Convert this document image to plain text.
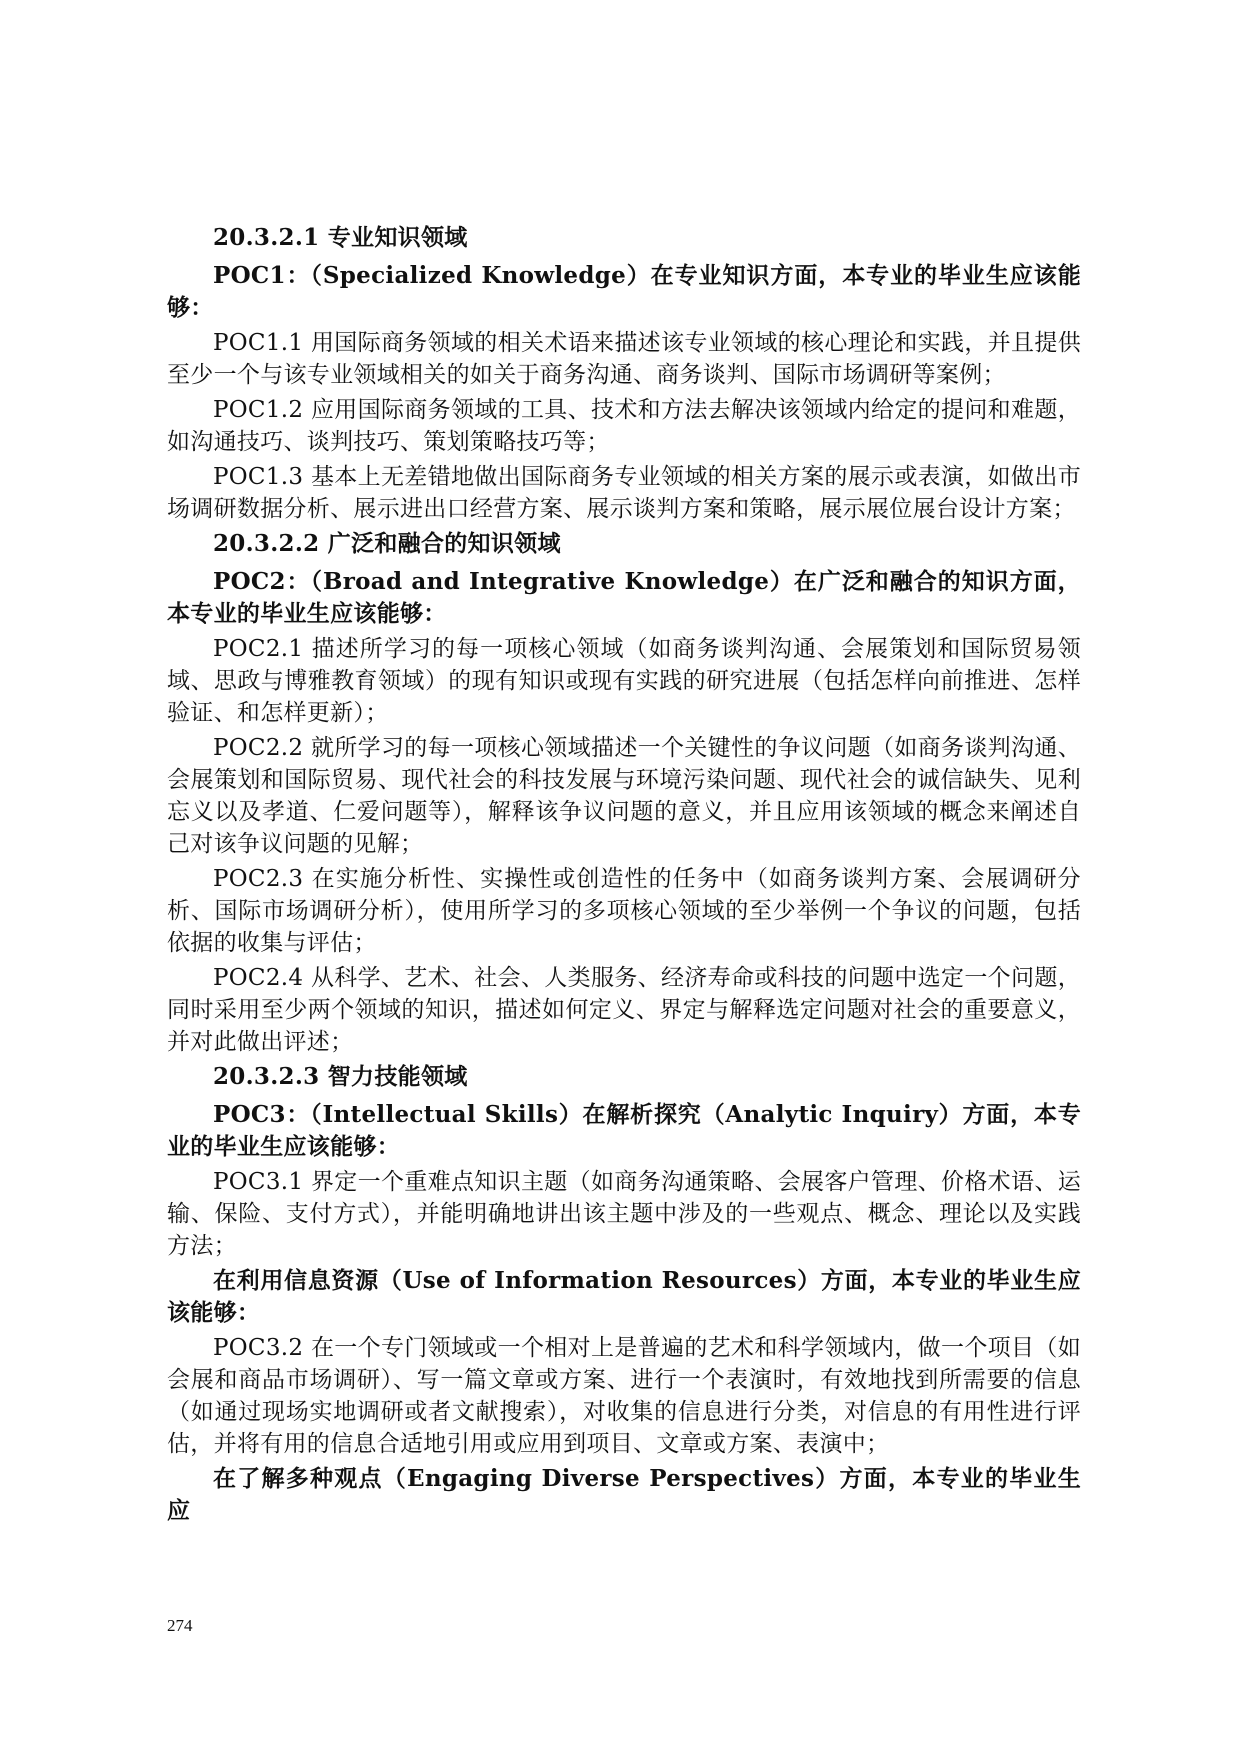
20.3.2.1 专业知识领域

POC1：（Specialized Knowledge）在专业知识方面，本专业的毕业生应该能够：

POC1.1 用国际商务领域的相关术语来描述该专业领域的核心理论和实践，并且提供至少一个与该专业领域相关的如关于商务沟通、商务谈判、国际市场调研等案例；

POC1.2 应用国际商务领域的工具、技术和方法去解决该领域内给定的提问和难题，如沟通技巧、谈判技巧、策划策略技巧等；

POC1.3 基本上无差错地做出国际商务专业领域的相关方案的展示或表演，如做出市场调研数据分析、展示进出口经营方案、展示谈判方案和策略，展示展位展台设计方案；

20.3.2.2 广泛和融合的知识领域

POC2：（Broad and Integrative Knowledge）在广泛和融合的知识方面，本专业的毕业生应该能够：

POC2.1 描述所学习的每一项核心领域（如商务谈判沟通、会展策划和国际贸易领域、思政与博雅教育领域）的现有知识或现有实践的研究进展（包括怎样向前推进、怎样验证、和怎样更新）；

POC2.2 就所学习的每一项核心领域描述一个关键性的争议问题（如商务谈判沟通、会展策划和国际贸易、现代社会的科技发展与环境污染问题、现代社会的诚信缺失、见利忘义以及孝道、仁爱问题等），解释该争议问题的意义，并且应用该领域的概念来阐述自己对该争议问题的见解；

POC2.3 在实施分析性、实操性或创造性的任务中（如商务谈判方案、会展调研分析、国际市场调研分析），使用所学习的多项核心领域的至少举例一个争议的问题，包括依据的收集与评估；

POC2.4 从科学、艺术、社会、人类服务、经济寿命或科技的问题中选定一个问题，同时采用至少两个领域的知识，描述如何定义、界定与解释选定问题对社会的重要意义，并对此做出评述；

20.3.2.3 智力技能领域

POC3：（Intellectual Skills）在解析探究（Analytic Inquiry）方面，本专业的毕业生应该能够：

POC3.1 界定一个重难点知识主题（如商务沟通策略、会展客户管理、价格术语、运输、保险、支付方式），并能明确地讲出该主题中涉及的一些观点、概念、理论以及实践方法；

在利用信息资源（Use of Information Resources）方面，本专业的毕业生应该能够：

POC3.2 在一个专门领域或一个相对上是普遍的艺术和科学领域内，做一个项目（如会展和商品市场调研）、写一篇文章或方案、进行一个表演时，有效地找到所需要的信息（如通过现场实地调研或者文献搜索），对收集的信息进行分类，对信息的有用性进行评估，并将有用的信息合适地引用或应用到项目、文章或方案、表演中；

在了解多种观点（Engaging Diverse Perspectives）方面，本专业的毕业生应

274
